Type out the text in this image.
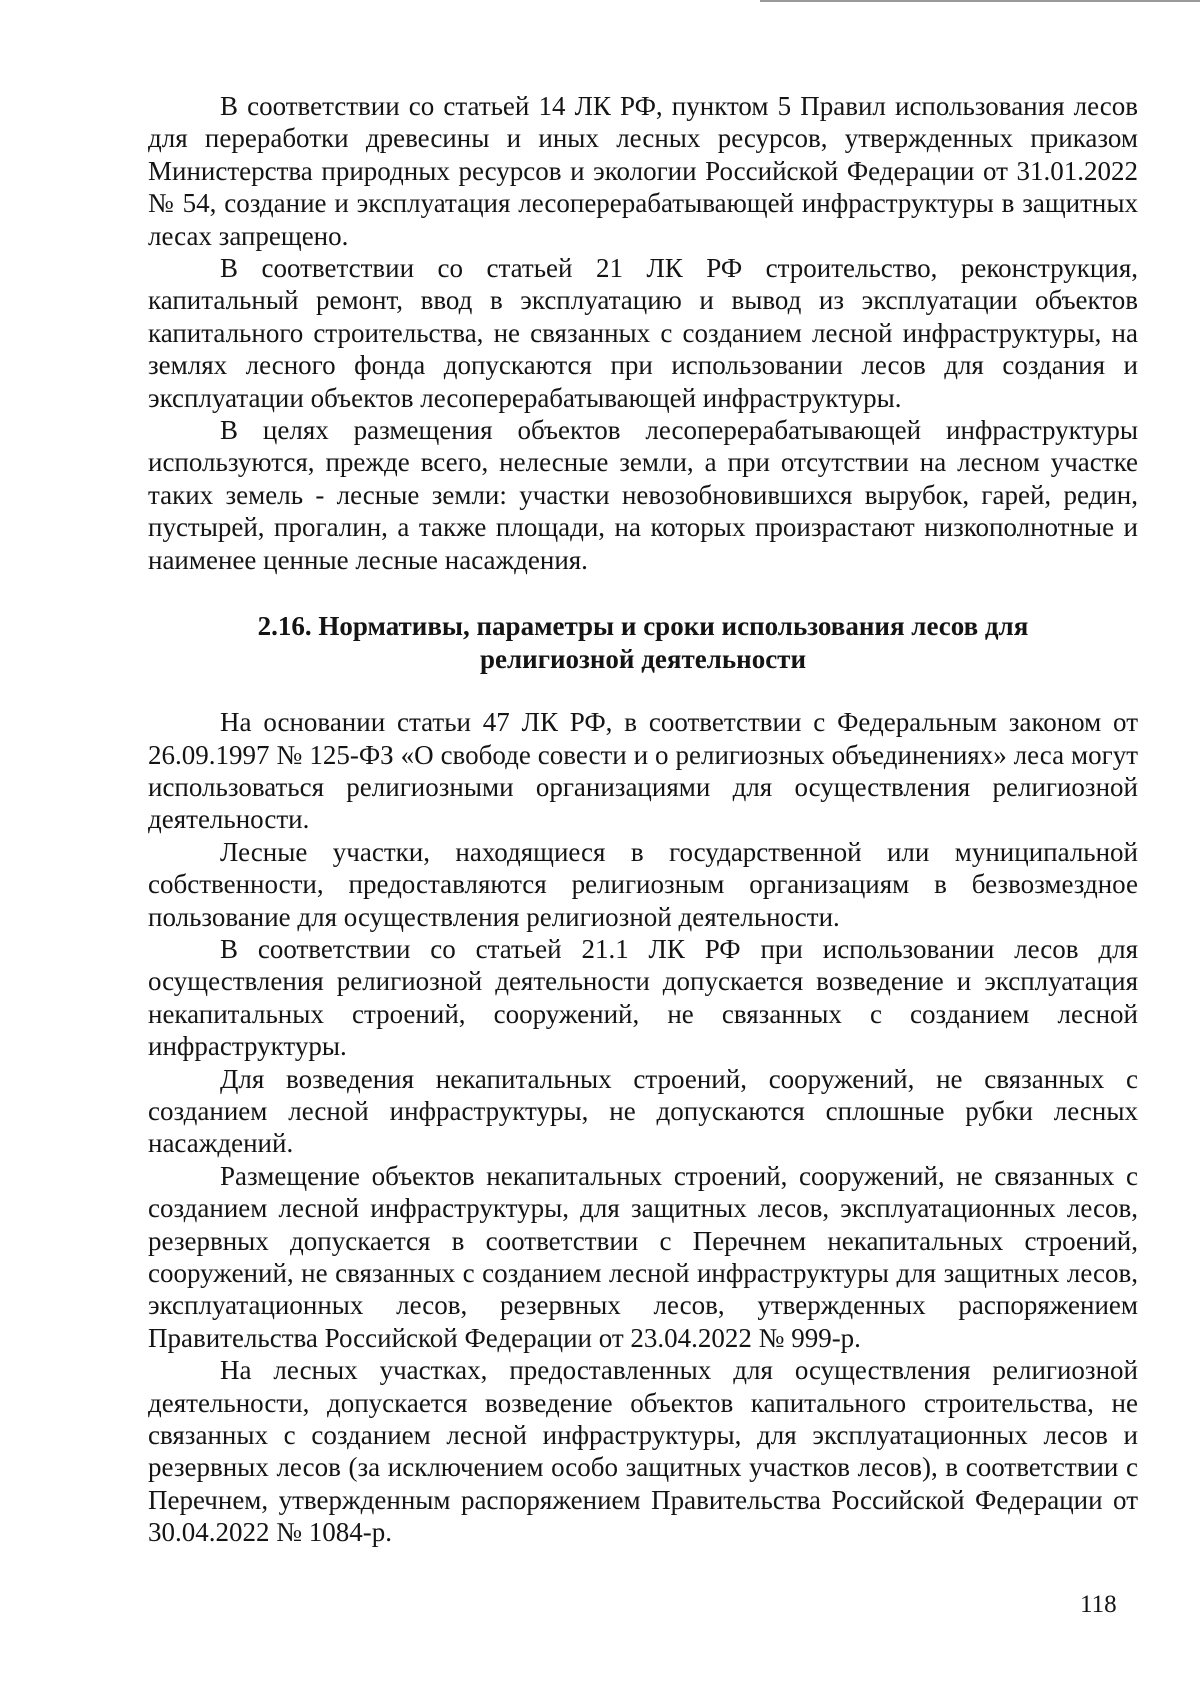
В соответствии со статьей 14 ЛК РФ, пунктом 5 Правил использования лесов для переработки древесины и иных лесных ресурсов, утвержденных приказом Министерства природных ресурсов и экологии Российской Федерации от 31.01.2022 № 54, создание и эксплуатация лесоперерабатывающей инфраструктуры в защитных лесах запрещено.

В соответствии со статьей 21 ЛК РФ строительство, реконструкция, капитальный ремонт, ввод в эксплуатацию и вывод из эксплуатации объектов капитального строительства, не связанных с созданием лесной инфраструктуры, на землях лесного фонда допускаются при использовании лесов для создания и эксплуатации объектов лесоперерабатывающей инфраструктуры.

В целях размещения объектов лесоперерабатывающей инфраструктуры используются, прежде всего, нелесные земли, а при отсутствии на лесном участке таких земель - лесные земли: участки невозобновившихся вырубок, гарей, редин, пустырей, прогалин, а также площади, на которых произрастают низкополнотные и наименее ценные лесные насаждения.

2.16. Нормативы, параметры и сроки использования лесов для религиозной деятельности

На основании статьи 47 ЛК РФ, в соответствии с Федеральным законом от 26.09.1997 № 125-ФЗ «О свободе совести и о религиозных объединениях» леса могут использоваться религиозными организациями для осуществления религиозной деятельности.

Лесные участки, находящиеся в государственной или муниципальной собственности, предоставляются религиозным организациям в безвозмездное пользование для осуществления религиозной деятельности.

В соответствии со статьей 21.1 ЛК РФ при использовании лесов для осуществления религиозной деятельности допускается возведение и эксплуатация некапитальных строений, сооружений, не связанных с созданием лесной инфраструктуры.

Для возведения некапитальных строений, сооружений, не связанных с созданием лесной инфраструктуры, не допускаются сплошные рубки лесных насаждений.

Размещение объектов некапитальных строений, сооружений, не связанных с созданием лесной инфраструктуры, для защитных лесов, эксплуатационных лесов, резервных допускается в соответствии с Перечнем некапитальных строений, сооружений, не связанных с созданием лесной инфраструктуры для защитных лесов, эксплуатационных лесов, резервных лесов, утвержденных распоряжением Правительства Российской Федерации от 23.04.2022 № 999-р.

На лесных участках, предоставленных для осуществления религиозной деятельности, допускается возведение объектов капитального строительства, не связанных с созданием лесной инфраструктуры, для эксплуатационных лесов и резервных лесов (за исключением особо защитных участков лесов), в соответствии с Перечнем, утвержденным распоряжением Правительства Российской Федерации от 30.04.2022 № 1084-р.

118
